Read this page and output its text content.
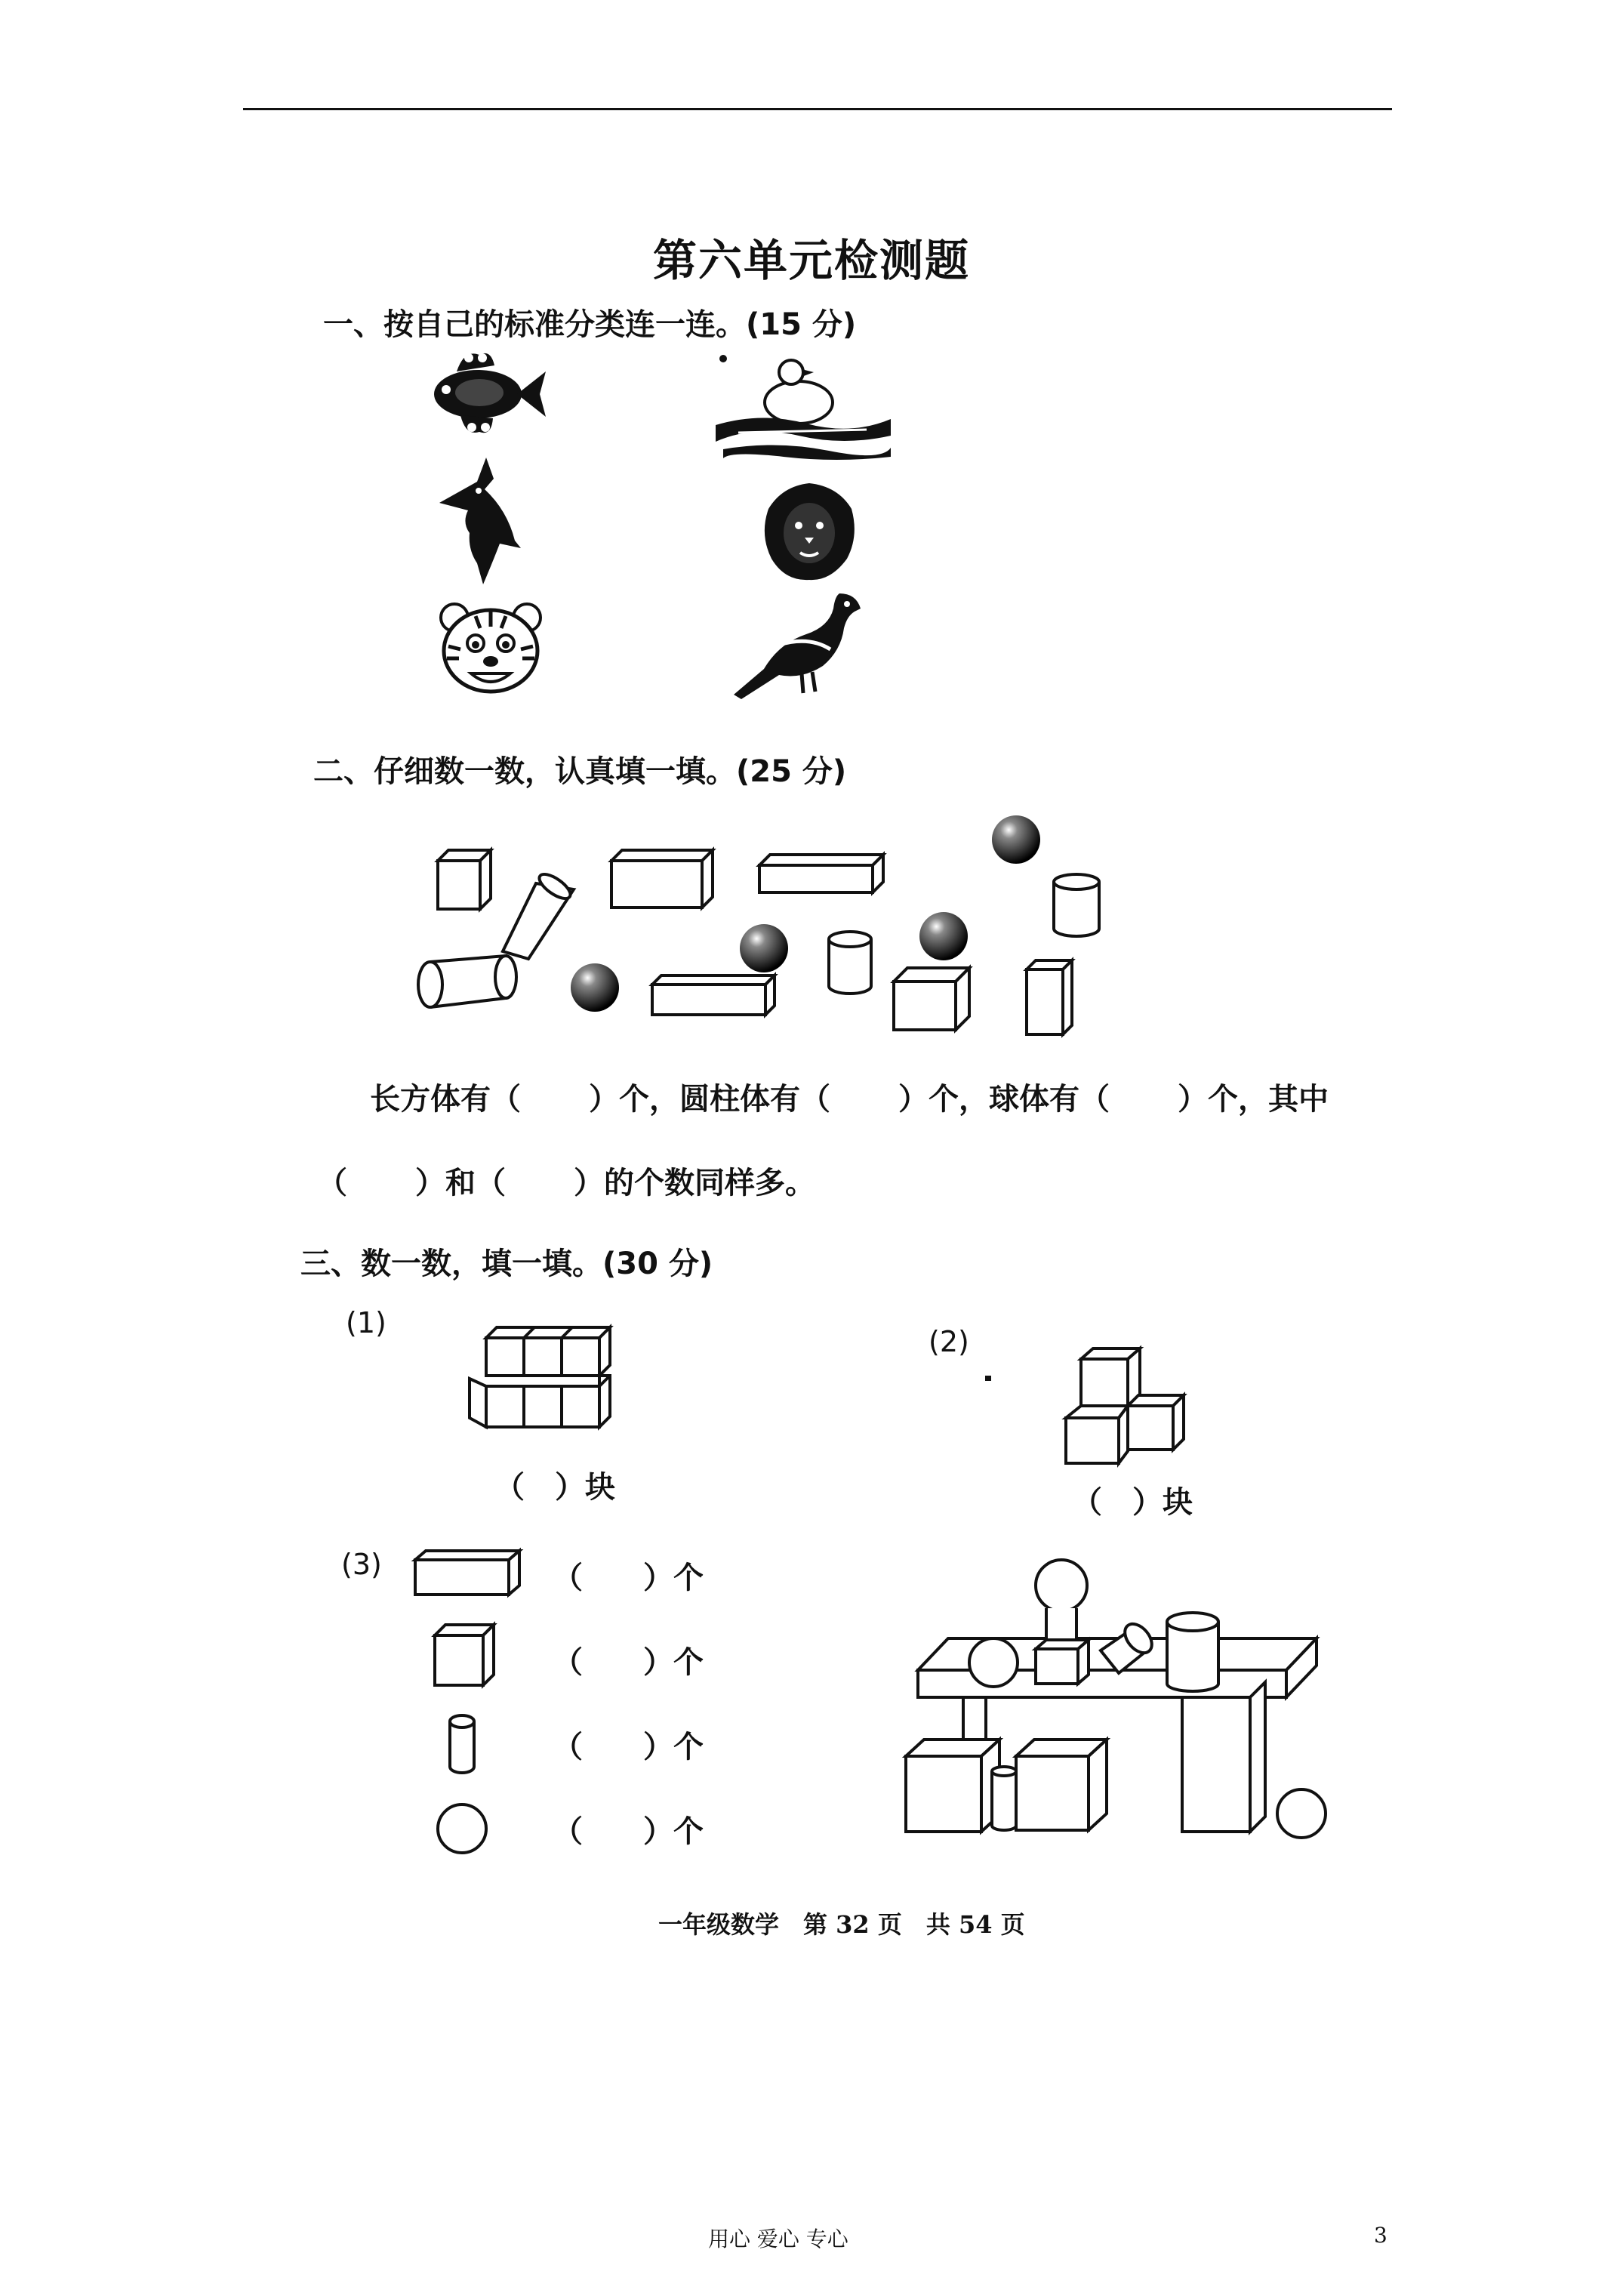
第六单元检测题
一、按自己的标准分类连一连。(15 分)
二、仔细数一数，认真填一填。(25 分)
长方体有（ ）个，圆柱体有（ ）个，球体有（ ）个，其中
（ ）和（ ）的个数同样多。
三、数一数，填一填。(30 分)
(1)
（　）块
(2)
（　）块
(3)	（　　）个
（　　）个
（　　）个
（　　）个
一年级数学　第 32 页　共 54 页
用心 爱心 专心	3
